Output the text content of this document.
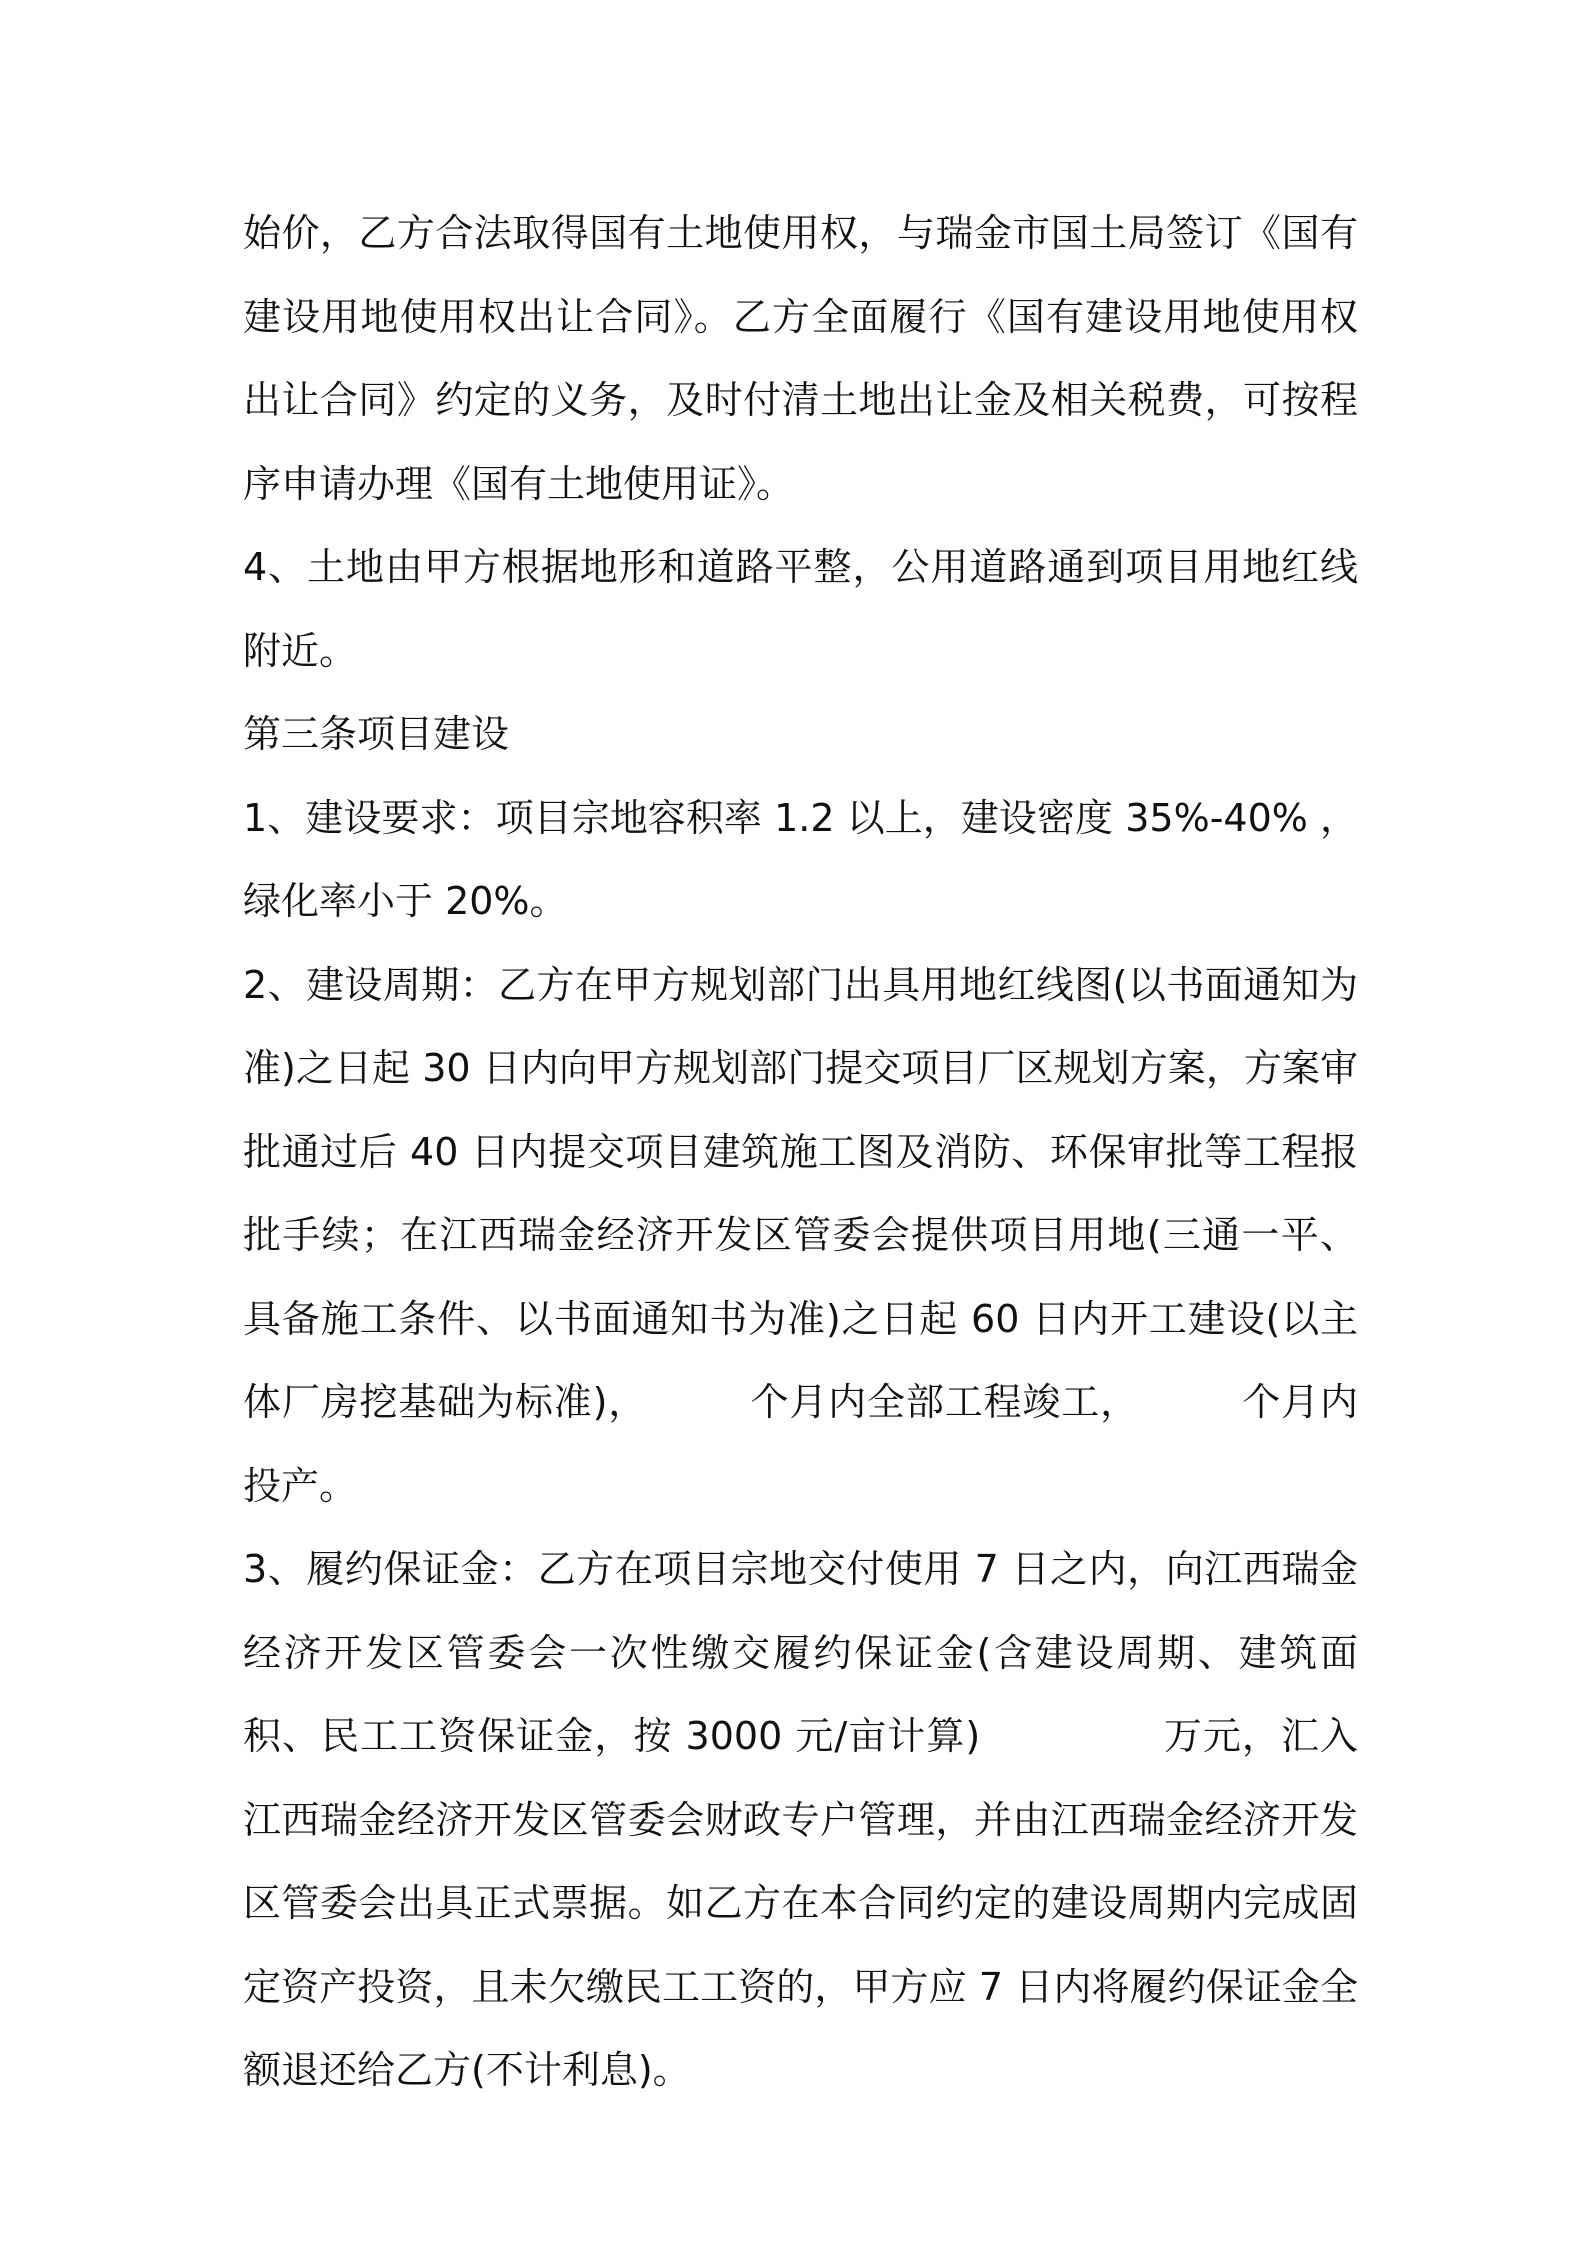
始价，乙方合法取得国有土地使用权，与瑞金市国土局签订《国有建设用地使用权出让合同》。乙方全面履行《国有建设用地使用权出让合同》约定的义务，及时付清土地出让金及相关税费，可按程序申请办理《国有土地使用证》。

4、土地由甲方根据地形和道路平整，公用道路通到项目用地红线附近。

第三条项目建设

1、建设要求：项目宗地容积率 1.2 以上，建设密度 35%-40% ，绿化率小于 20%。

2、建设周期：乙方在甲方规划部门出具用地红线图(以书面通知为准)之日起 30 日内向甲方规划部门提交项目厂区规划方案，方案审批通过后 40 日内提交项目建筑施工图及消防、环保审批等工程报批手续；在江西瑞金经济开发区管委会提供项目用地(三通一平、具备施工条件、以书面通知书为准)之日起 60 日内开工建设(以主体厂房挖基础为标准)，        个月内全部工程竣工，        个月内投产。

3、履约保证金：乙方在项目宗地交付使用 7 日之内，向江西瑞金经济开发区管委会一次性缴交履约保证金(含建设周期、建筑面积、民工工资保证金，按 3000 元/亩计算)              万元，汇入江西瑞金经济开发区管委会财政专户管理，并由江西瑞金经济开发区管委会出具正式票据。如乙方在本合同约定的建设周期内完成固定资产投资，且未欠缴民工工资的，甲方应 7 日内将履约保证金全额退还给乙方(不计利息)。
